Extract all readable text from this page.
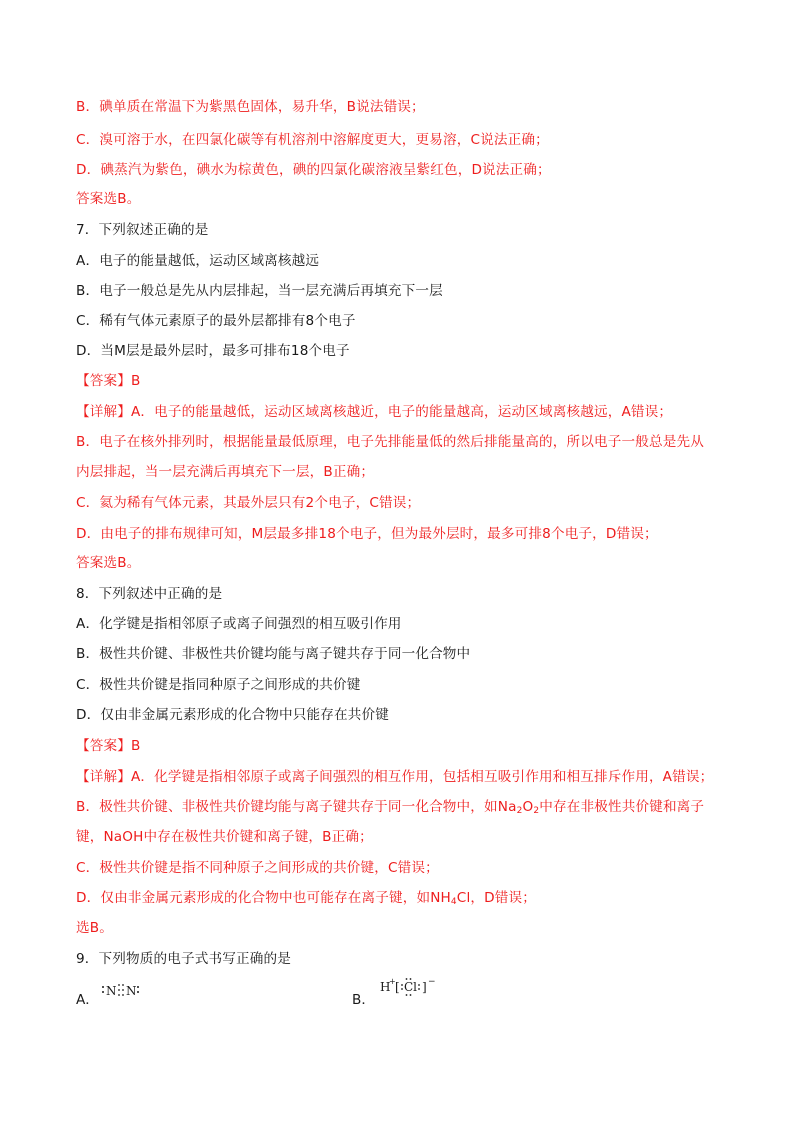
B．碘单质在常温下为紫黑色固体，易升华，B说法错误；
C．溴可溶于水，在四氯化碳等有机溶剂中溶解度更大，更易溶，C说法正确；
D．碘蒸汽为紫色，碘水为棕黄色，碘的四氯化碳溶液呈紫红色，D说法正确；
答案选B。
7．下列叙述正确的是
A．电子的能量越低，运动区域离核越远
B．电子一般总是先从内层排起，当一层充满后再填充下一层
C．稀有气体元素原子的最外层都排有8个电子
D．当M层是最外层时，最多可排布18个电子
【答案】B
【详解】A．电子的能量越低，运动区域离核越近，电子的能量越高，运动区域离核越远，A错误；
B．电子在核外排列时，根据能量最低原理，电子先排能量低的然后排能量高的，所以电子一般总是先从
内层排起，当一层充满后再填充下一层，B正确；
C．氦为稀有气体元素，其最外层只有2个电子，C错误；
D．由电子的排布规律可知，M层最多排18个电子，但为最外层时，最多可排8个电子，D错误；
答案选B。
8．下列叙述中正确的是
A．化学键是指相邻原子或离子间强烈的相互吸引作用
B．极性共价键、非极性共价键均能与离子键共存于同一化合物中
C．极性共价键是指同种原子之间形成的共价键
D．仅由非金属元素形成的化合物中只能存在共价键
【答案】B
【详解】A．化学键是指相邻原子或离子间强烈的相互作用，包括相互吸引作用和相互排斥作用，A错误；
B．极性共价键、非极性共价键均能与离子键共存于同一化合物中，如$Na_2O_2$中存在非极性共价键和离子
键，NaOH中存在极性共价键和离子键，B正确；
C．极性共价键是指不同种原子之间形成的共价键，C错误；
D．仅由非金属元素形成的化合物中也可能存在离子键，如$NH_4Cl$，D错误；
选B。
9．下列物质的电子式书写正确的是
A．
N N
B．
H
+ [ Cl ] −
